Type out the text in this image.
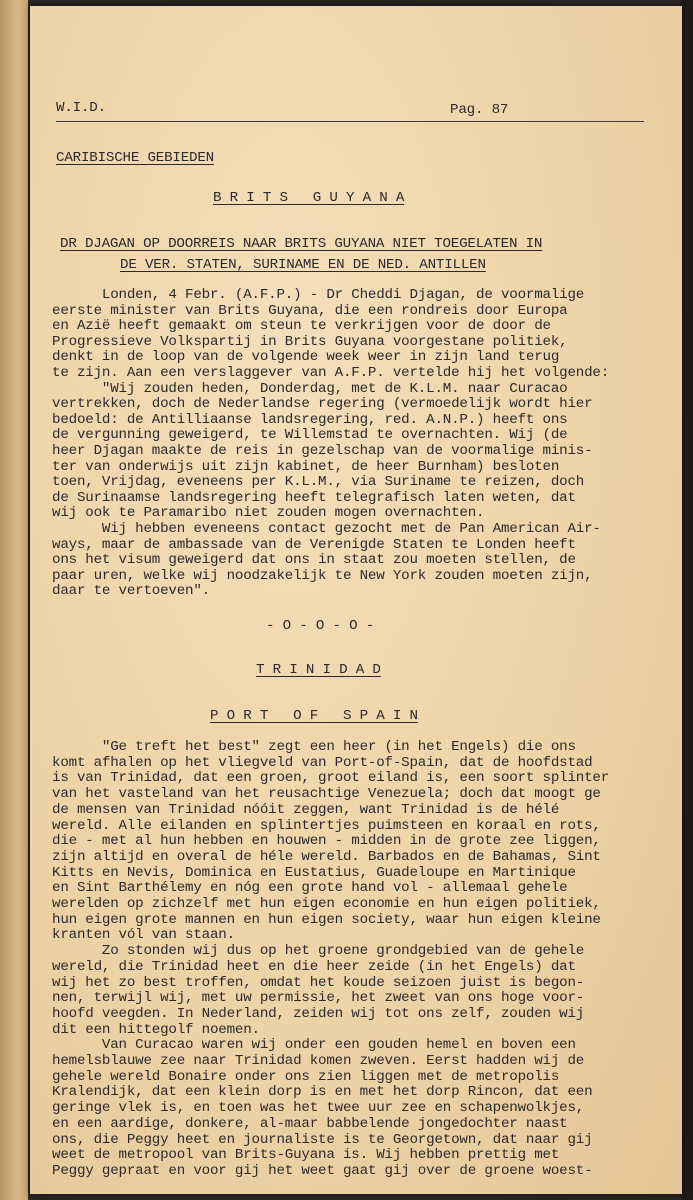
W.I.D.	Pag. 87
CARIBISCHE GEBIEDEN
B R I T S   G U Y A N A
DR DJAGAN OP DOORREIS NAAR BRITS GUYANA NIET TOEGELATEN IN
DE VER. STATEN, SURINAME EN DE NED. ANTILLEN
Londen, 4 Febr. (A.F.P.) - Dr Cheddi Djagan, de voormalige
eerste minister van Brits Guyana, die een rondreis door Europa
en Azië heeft gemaakt om steun te verkrijgen voor de door de
Progressieve Volkspartij in Brits Guyana voorgestane politiek,
denkt in de loop van de volgende week weer in zijn land terug
te zijn. Aan een verslaggever van A.F.P. vertelde hij het volgende:
"Wij zouden heden, Donderdag, met de K.L.M. naar Curacao
vertrekken, doch de Nederlandse regering (vermoedelijk wordt hier
bedoeld: de Antilliaanse landsregering, red. A.N.P.) heeft ons
de vergunning geweigerd, te Willemstad te overnachten. Wij (de
heer Djagan maakte de reis in gezelschap van de voormalige minis-
ter van onderwijs uit zijn kabinet, de heer Burnham) besloten
toen, Vrijdag, eveneens per K.L.M., via Suriname te reizen, doch
de Surinaamse landsregering heeft telegrafisch laten weten, dat
wij ook te Paramaribo niet zouden mogen overnachten.
Wij hebben eveneens contact gezocht met de Pan American Air-
ways, maar de ambassade van de Verenigde Staten te Londen heeft
ons het visum geweigerd dat ons in staat zou moeten stellen, de
paar uren, welke wij noodzakelijk te New York zouden moeten zijn,
daar te vertoeven".
- O - O - O -
T R I N I D A D
P O R T   O F   S P A I N
"Ge treft het best" zegt een heer (in het Engels) die ons
komt afhalen op het vliegveld van Port-of-Spain, dat de hoofdstad
is van Trinidad, dat een groen, groot eiland is, een soort splinter
van het vasteland van het reusachtige Venezuela; doch dat moogt ge
de mensen van Trinidad nóóit zeggen, want Trinidad is de hélé
wereld. Alle eilanden en splintertjes puimsteen en koraal en rots,
die - met al hun hebben en houwen - midden in de grote zee liggen,
zijn altijd en overal de héle wereld. Barbados en de Bahamas, Sint
Kitts en Nevis, Dominica en Eustatius, Guadeloupe en Martinique
en Sint Barthélemy en nóg een grote hand vol - allemaal gehele
werelden op zichzelf met hun eigen economie en hun eigen politiek,
hun eigen grote mannen en hun eigen society, waar hun eigen kleine
kranten vól van staan.
Zo stonden wij dus op het groene grondgebied van de gehele
wereld, die Trinidad heet en die heer zeide (in het Engels) dat
wij het zo best troffen, omdat het koude seizoen juist is begon-
nen, terwijl wij, met uw permissie, het zweet van ons hoge voor-
hoofd veegden. In Nederland, zeiden wij tot ons zelf, zouden wij
dit een hittegolf noemen.
Van Curacao waren wij onder een gouden hemel en boven een
hemelsblauwe zee naar Trinidad komen zweven. Eerst hadden wij de
gehele wereld Bonaire onder ons zien liggen met de metropolis
Kralendijk, dat een klein dorp is en met het dorp Rincon, dat een
geringe vlek is, en toen was het twee uur zee en schapenwolkjes,
en een aardige, donkere, al-maar babbelende jongedochter naast
ons, die Peggy heet en journaliste is te Georgetown, dat naar gij
weet de metropool van Brits-Guyana is. Wij hebben prettig met
Peggy gepraat en voor gij het weet gaat gij over de groene woest-
